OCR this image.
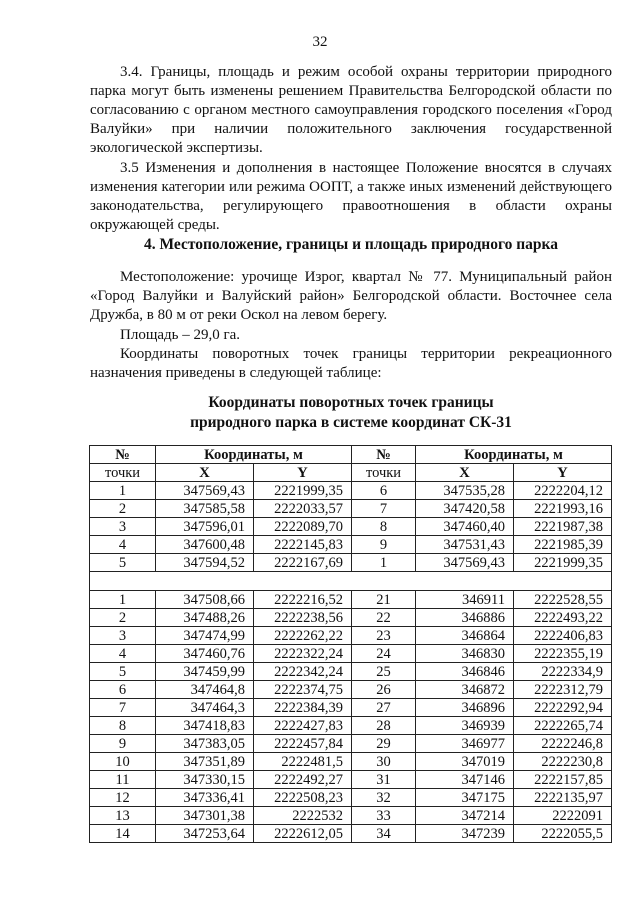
32

3.4. Границы, площадь и режим особой охраны территории природного парка могут быть изменены решением Правительства Белгородской области по согласованию с органом местного самоуправления городского поселения «Город Валуйки» при наличии положительного заключения государственной экологической экспертизы.

3.5 Изменения и дополнения в настоящее Положение вносятся в случаях изменения категории или режима ООПТ, а также иных изменений действующего законодательства, регулирующего правоотношения в области охраны окружающей среды.

4. Местоположение, границы и площадь природного парка

Местоположение: урочище Изрог, квартал № 77. Муниципальный район «Город Валуйки и Валуйский район» Белгородской области. Восточнее села Дружба, в 80 м от реки Оскол на левом берегу.

Площадь – 29,0 га.

Координаты поворотных точек границы территории рекреационного назначения приведены в следующей таблице:

Координаты поворотных точек границы
природного парка в системе координат СК-31
№	Координаты, м		№	Координаты, м	
точки	X	Y	точки	X	Y
1	347569,43	2221999,35	6	347535,28	2222204,12
2	347585,58	2222033,57	7	347420,58	2221993,16
3	347596,01	2222089,70	8	347460,40	2221987,38
4	347600,48	2222145,83	9	347531,43	2221985,39
5	347594,52	2222167,69	1	347569,43	2221999,35

1	347508,66	2222216,52	21	346911	2222528,55
2	347488,26	2222238,56	22	346886	2222493,22
3	347474,99	2222262,22	23	346864	2222406,83
4	347460,76	2222322,24	24	346830	2222355,19
5	347459,99	2222342,24	25	346846	2222334,9
6	347464,8	2222374,75	26	346872	2222312,79
7	347464,3	2222384,39	27	346896	2222292,94
8	347418,83	2222427,83	28	346939	2222265,74
9	347383,05	2222457,84	29	346977	2222246,8
10	347351,89	2222481,5	30	347019	2222230,8
11	347330,15	2222492,27	31	347146	2222157,85
12	347336,41	2222508,23	32	347175	2222135,97
13	347301,38	2222532	33	347214	2222091
14	347253,64	2222612,05	34	347239	2222055,5
